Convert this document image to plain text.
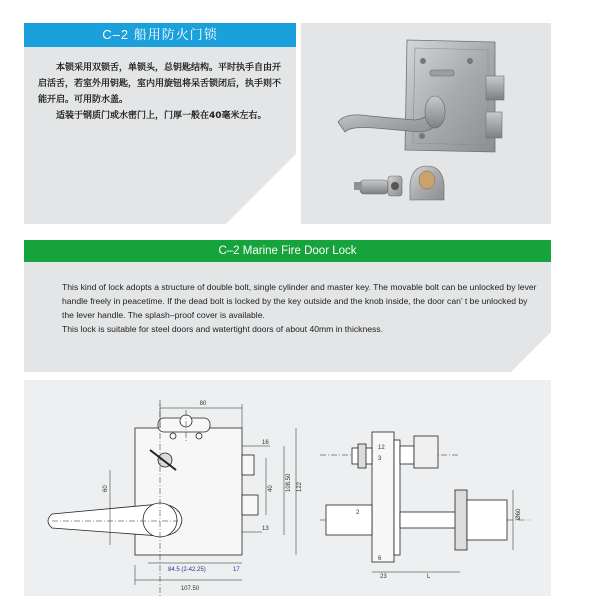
C–2 船用防火门锁

本锁采用双锁舌，单锁头，总钥匙结构。平时执手自由开启活舌，若室外用钥匙，室内用旋钮将呆舌锁闭后，执手则不能开启。可用防水盖。

适装于钢质门或水密门上，门厚一般在40毫米左右。

C–2 Marine Fire Door Lock

This kind of lock adopts a structure of double bolt, single cylinder and master key. The movable bolt can be unlocked by lever handle freely in peacetime. If the dead bolt is locked by the key outside and the knob inside, the door can’ t be unlocked by the lever handle. The splash–proof cover is available.

This lock is suitable for steel doors and watertight doors of about 40mm in thickness.

80
16
108.50 122
40
60
13
84.5 (2-42.25)	17
107.50
12
3
2
6
23	L
Ø60
